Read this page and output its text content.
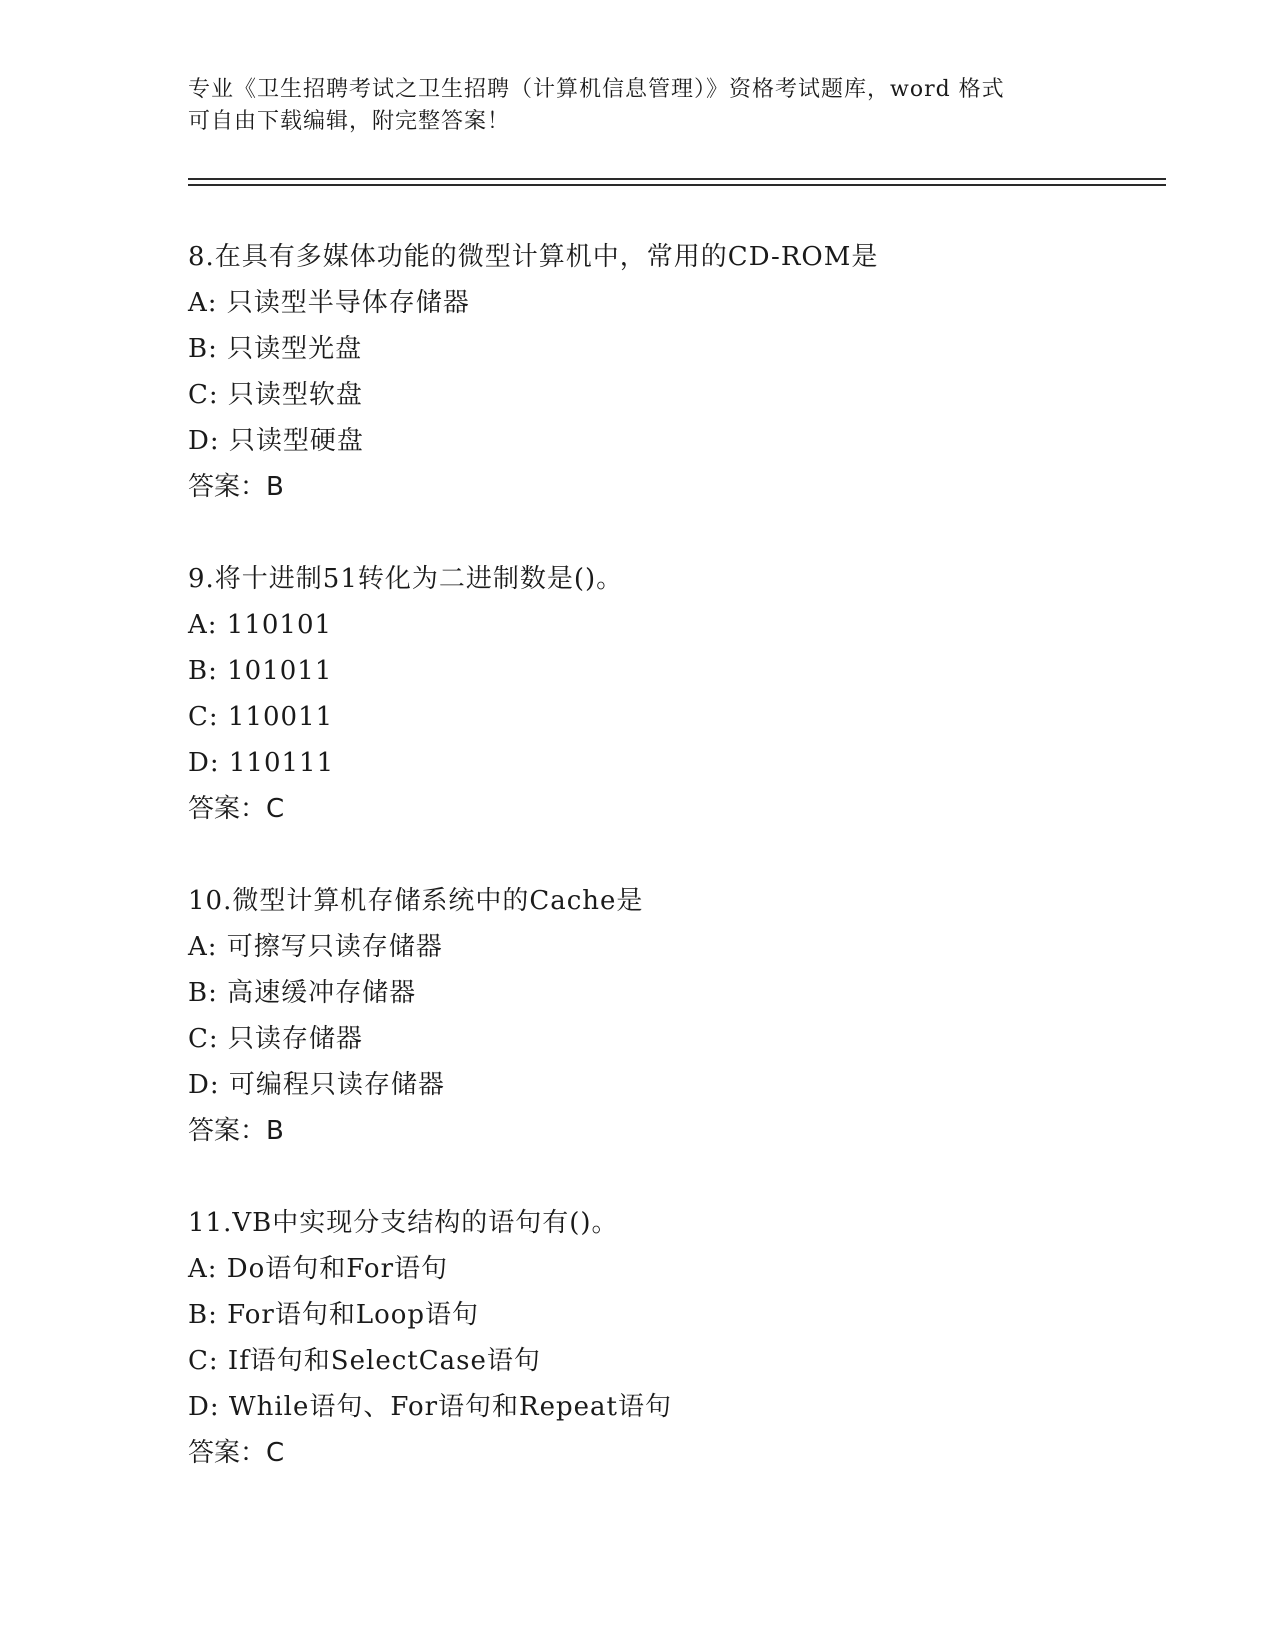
专业《卫生招聘考试之卫生招聘（计算机信息管理）》资格考试题库，word 格式
可自由下载编辑，附完整答案！
8.在具有多媒体功能的微型计算机中，常用的CD-ROM是
A: 只读型半导体存储器
B: 只读型光盘
C: 只读型软盘
D: 只读型硬盘
答案：B
9.将十进制51转化为二进制数是()。
A: 110101
B: 101011
C: 110011
D: 110111
答案：C
10.微型计算机存储系统中的Cache是
A: 可擦写只读存储器
B: 高速缓冲存储器
C: 只读存储器
D: 可编程只读存储器
答案：B
11.VB中实现分支结构的语句有()。
A: Do语句和For语句
B: For语句和Loop语句
C: If语句和SelectCase语句
D: While语句、For语句和Repeat语句
答案：C
